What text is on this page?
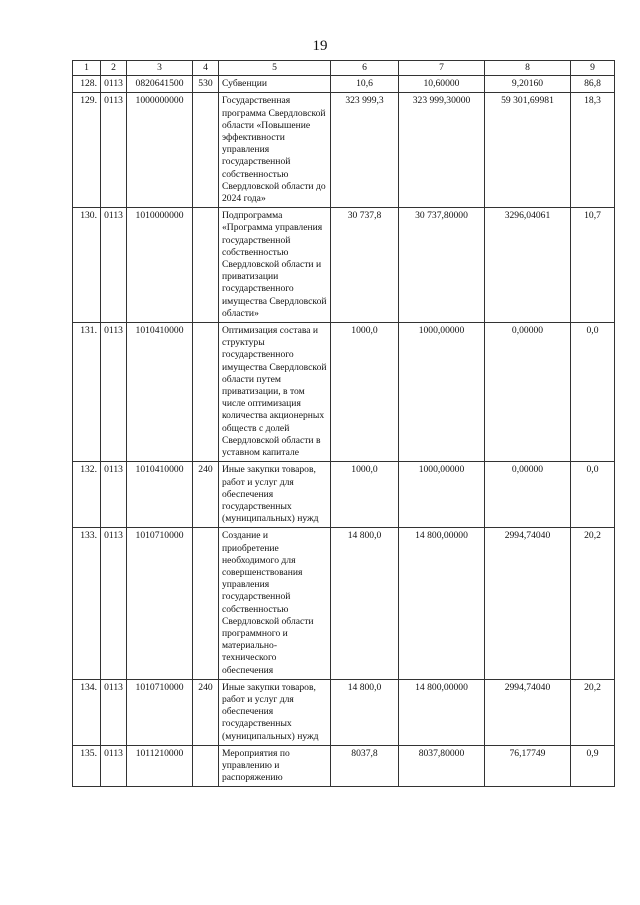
19
1	2	3	4	5	6	7	8	9
128.	0113	0820641500	530	Субвенции	10,6	10,60000	9,20160	86,8
129.	0113	1000000000		Государственная программа Свердловской области «Повышение эффективности управления государственной собственностью Свердловской области до 2024 года»	323 999,3	323 999,30000	59 301,69981	18,3
130.	0113	1010000000		Подпрограмма «Программа управления государственной собственностью Свердловской области и приватизации государственного имущества Свердловской области»	30 737,8	30 737,80000	3296,04061	10,7
131.	0113	1010410000		Оптимизация состава и структуры государственного имущества Свердловской области путем приватизации, в том числе оптимизация количества акционерных обществ с долей Свердловской области в уставном капитале	1000,0	1000,00000	0,00000	0,0
132.	0113	1010410000	240	Иные закупки товаров, работ и услуг для обеспечения государственных (муниципальных) нужд	1000,0	1000,00000	0,00000	0,0
133.	0113	1010710000		Создание и приобретение необходимого для совершенствования управления государственной собственностью Свердловской области программного и материально-технического обеспечения	14 800,0	14 800,00000	2994,74040	20,2
134.	0113	1010710000	240	Иные закупки товаров, работ и услуг для обеспечения государственных (муниципальных) нужд	14 800,0	14 800,00000	2994,74040	20,2
135.	0113	1011210000		Мероприятия по управлению и распоряжению	8037,8	8037,80000	76,17749	0,9
